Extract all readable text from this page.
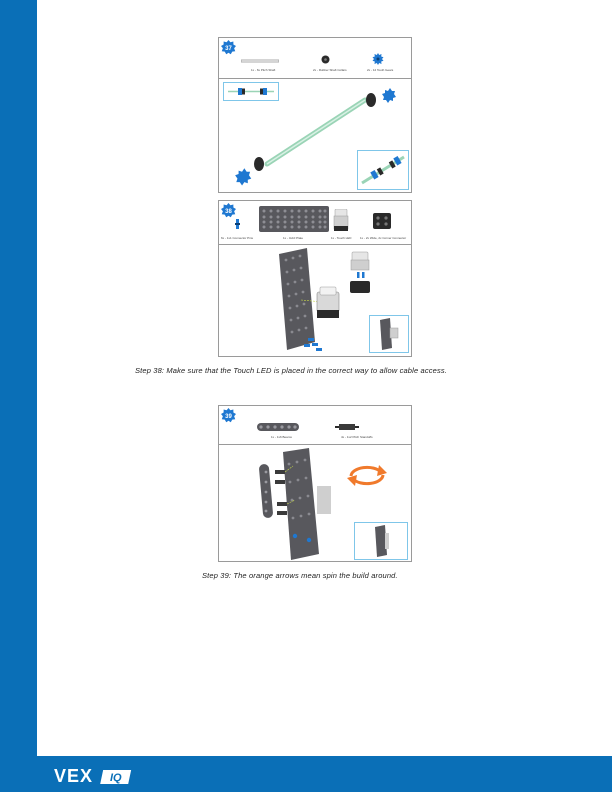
37
1x - 6x Pitch Shaft	2x - Rubber Shaft Collars	2x - 12 Tooth Gears
38
6x - 1x1 Connector Pins	1x - 4x10 Plate	1x - Touch LED	1x - 2x Wide, 2x Corner Connector
Step 38: Make sure that the Touch LED is placed in the correct way to allow cable access.
39
1x - 1x6 Beams	4x - 1x2 Pitch Standoffs
Step 39: The orange arrows mean spin the build around.
VEX IQ
